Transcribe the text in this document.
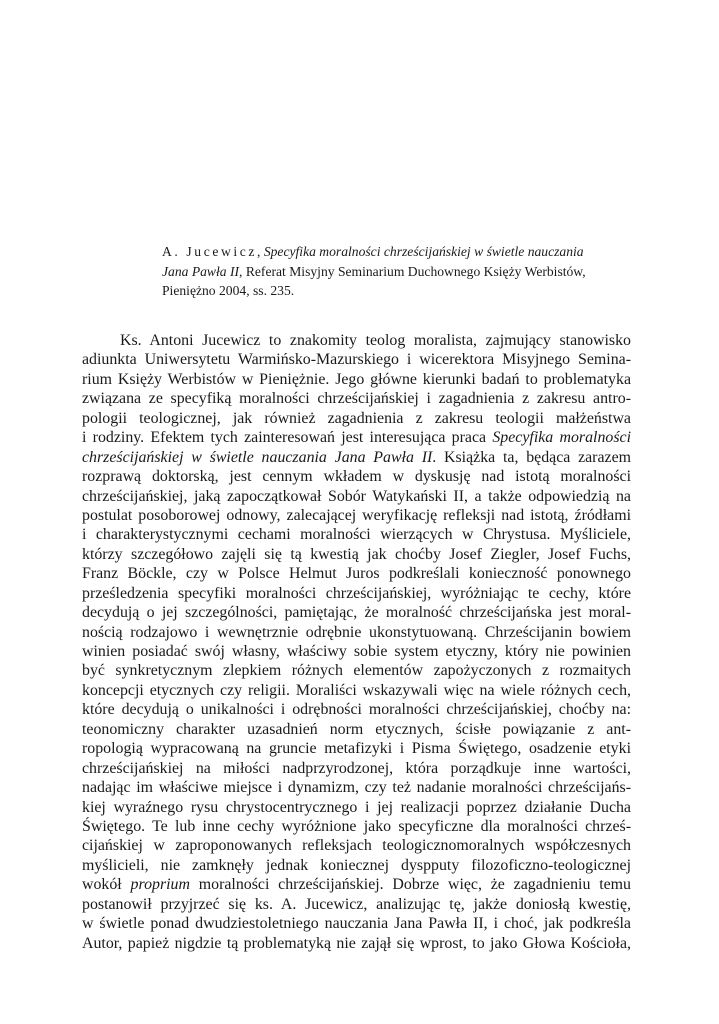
A. Jucewicz, Specyfika moralności chrześcijańskiej w świetle nauczania
Jana Pawła II, Referat Misyjny Seminarium Duchownego Księży Werbistów,
Pieniężno 2004, ss. 235.
Ks. Antoni Jucewicz to znakomity teolog moralista, zajmujący stanowisko
adiunkta Uniwersytetu Warmińsko-Mazurskiego i wicerektora Misyjnego Semina-
rium Księży Werbistów w Pieniężnie. Jego główne kierunki badań to problematyka
związana ze specyfiką moralności chrześcijańskiej i zagadnienia z zakresu antro-
pologii teologicznej, jak również zagadnienia z zakresu teologii małżeństwa
i rodziny. Efektem tych zainteresowań jest interesująca praca Specyfika moralności
chrześcijańskiej w świetle nauczania Jana Pawła II. Książka ta, będąca zarazem
rozprawą doktorską, jest cennym wkładem w dyskusję nad istotą moralności
chrześcijańskiej, jaką zapoczątkował Sobór Watykański II, a także odpowiedzią na
postulat posoborowej odnowy, zalecającej weryfikację refleksji nad istotą, źródłami
i charakterystycznymi cechami moralności wierzących w Chrystusa. Myśliciele,
którzy szczegółowo zajęli się tą kwestią jak choćby Josef Ziegler, Josef Fuchs,
Franz Böckle, czy w Polsce Helmut Juros podkreślali konieczność ponownego
prześledzenia specyfiki moralności chrześcijańskiej, wyróżniając te cechy, które
decydują o jej szczególności, pamiętając, że moralność chrześcijańska jest moral-
nością rodzajowo i wewnętrznie odrębnie ukonstytuowaną. Chrześcijanin bowiem
winien posiadać swój własny, właściwy sobie system etyczny, który nie powinien
być synkretycznym zlepkiem różnych elementów zapożyczonych z rozmaitych
koncepcji etycznych czy religii. Moraliści wskazywali więc na wiele różnych cech,
które decydują o unikalności i odrębności moralności chrześcijańskiej, choćby na:
teonomiczny charakter uzasadnień norm etycznych, ścisłe powiązanie z ant-
ropologią wypracowaną na gruncie metafizyki i Pisma Świętego, osadzenie etyki
chrześcijańskiej na miłości nadprzyrodzonej, która porządkuje inne wartości,
nadając im właściwe miejsce i dynamizm, czy też nadanie moralności chrześcijańs-
kiej wyraźnego rysu chrystocentrycznego i jej realizacji poprzez działanie Ducha
Świętego. Te lub inne cechy wyróżnione jako specyficzne dla moralności chrześ-
cijańskiej w zaproponowanych refleksjach teologicznomoralnych współczesnych
myślicieli, nie zamknęły jednak koniecznej dyspputy filozoficzno-teologicznej
wokół proprium moralności chrześcijańskiej. Dobrze więc, że zagadnieniu temu
postanowił przyjrzeć się ks. A. Jucewicz, analizując tę, jakże doniosłą kwestię,
w świetle ponad dwudziestoletniego nauczania Jana Pawła II, i choć, jak podkreśla
Autor, papież nigdzie tą problematyką nie zajął się wprost, to jako Głowa Kościoła,
